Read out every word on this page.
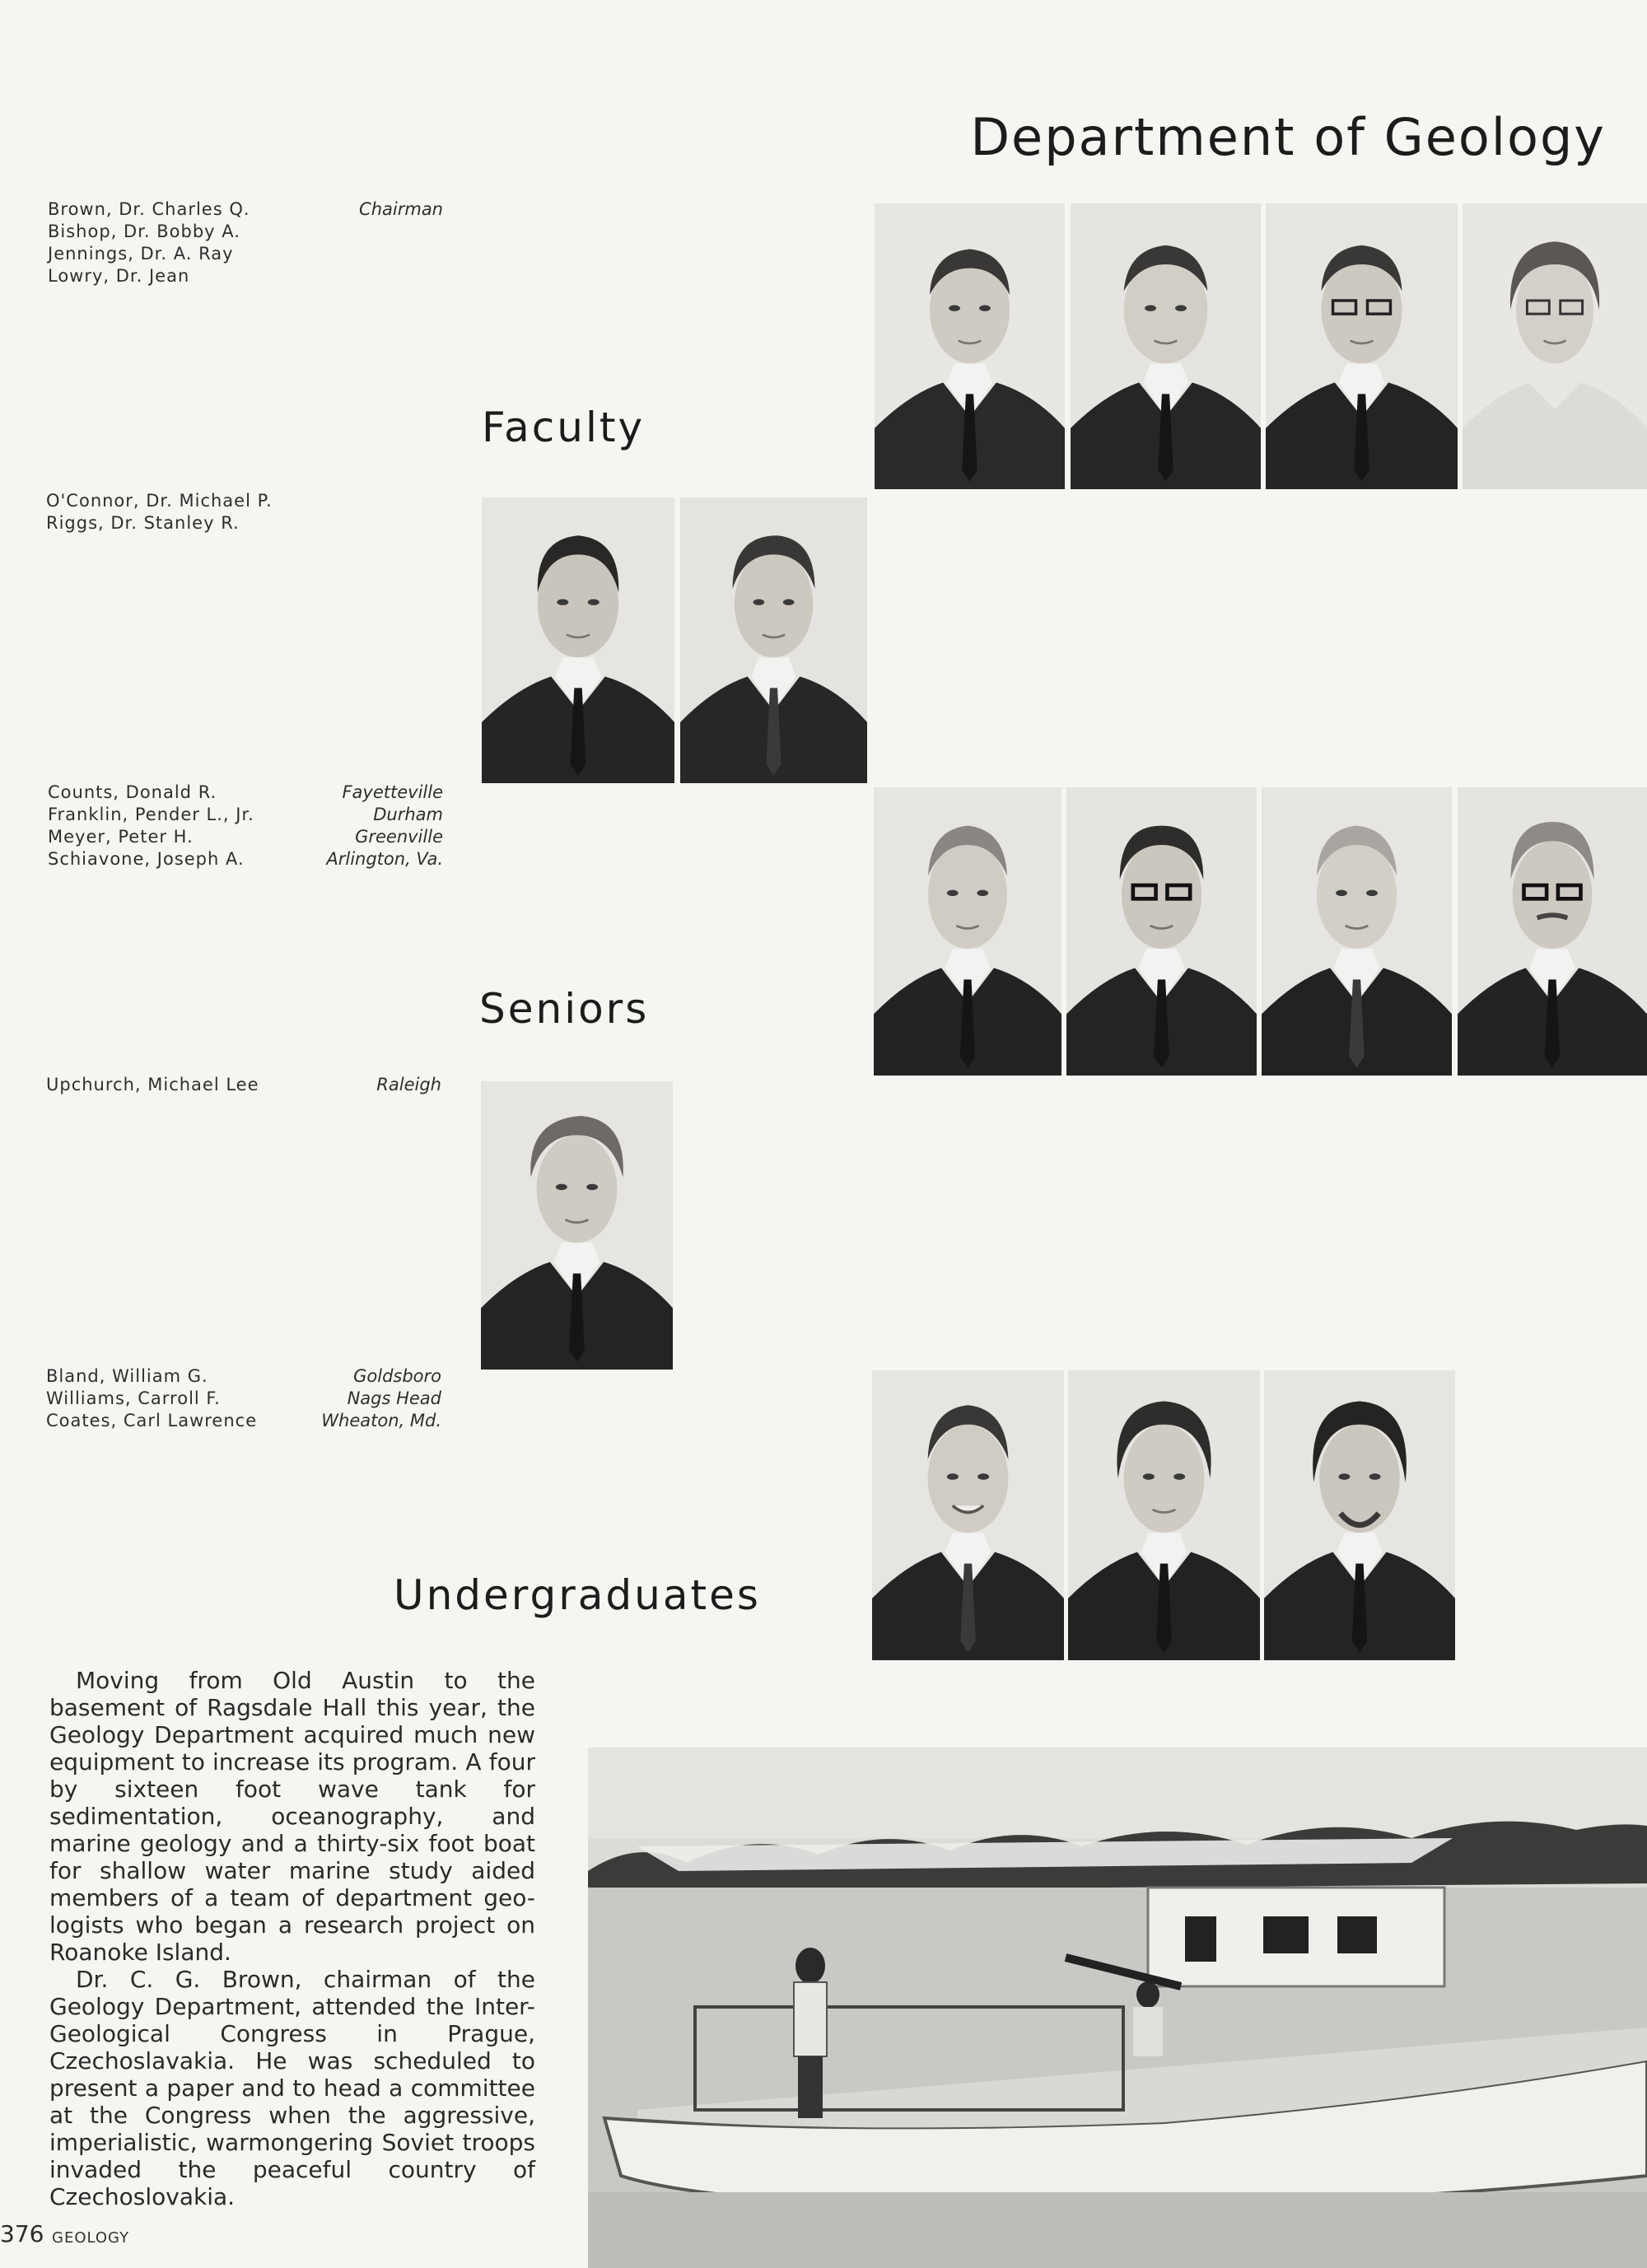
Department of Geology
Brown, Dr. Charles Q.	Chairman
Bishop, Dr. Bobby A.
Jennings, Dr. A. Ray
Lowry, Dr. Jean
Faculty
O'Connor, Dr. Michael P.
Riggs, Dr. Stanley R.
Counts, Donald R.	Fayetteville
Franklin, Pender L., Jr.	Durham
Meyer, Peter H.	Greenville
Schiavone, Joseph A.	Arlington, Va.
Seniors
Upchurch, Michael Lee	Raleigh
Bland, William G.	Goldsboro
Williams, Carroll F.	Nags Head
Coates, Carl Lawrence	Wheaton, Md.
Undergraduates

Moving from Old Austin to the basement of Ragsdale Hall this year, the Geology Department acquired much new equipment to increase its program. A four by sixteen foot wave tank for sedimentation, oceanography, and marine geology and a thirty-six foot boat for shallow water marine study aided members of a team of department geo-logists who began a research project on Roanoke Island.

Dr. C. G. Brown, chairman of the Geology Department, attended the Inter-Geological Congress in Prague, Czechoslavakia. He was scheduled to present a paper and to head a committee at the Congress when the aggressive, imperialistic, warmongering Soviet troops invaded the peaceful country of Czechoslovakia.

376 GEOLOGY
